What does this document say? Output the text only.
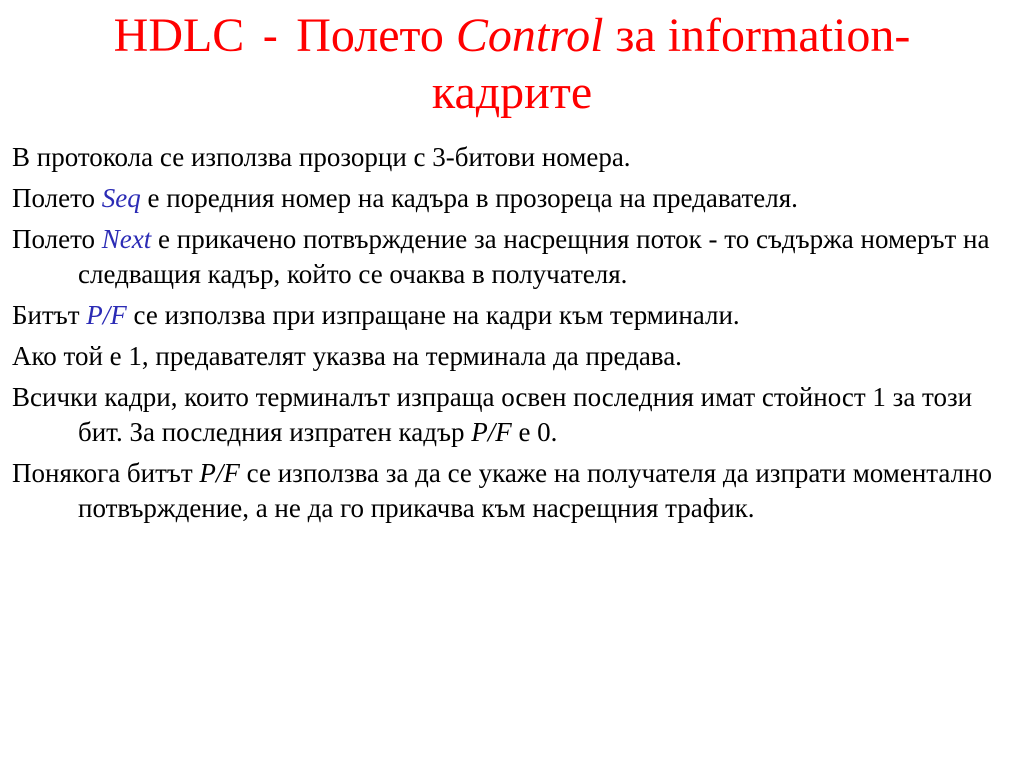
HDLC - Полето Control за information-
кадрите
В протокола се използва прозорци с 3-битови номера.
Полето Seq е поредния номер на кадъра в прозореца на предавателя.
Полето Next е прикачено потвърждение за насрещния поток - то съдържа номерът на следващия кадър, който се очаква в получателя.
Битът P/F се използва при изпращане на кадри към терминали.
Ако той е 1, предавателят указва на терминала да предава.
Всички кадри, които терминалът изпраща освен последния имат стойност 1 за този бит. За последния изпратен кадър P/F е 0.
Понякога битът P/F се използва за да се укаже на получателя да изпрати моментално потвърждение, а не да го прикачва към насрещния трафик.
